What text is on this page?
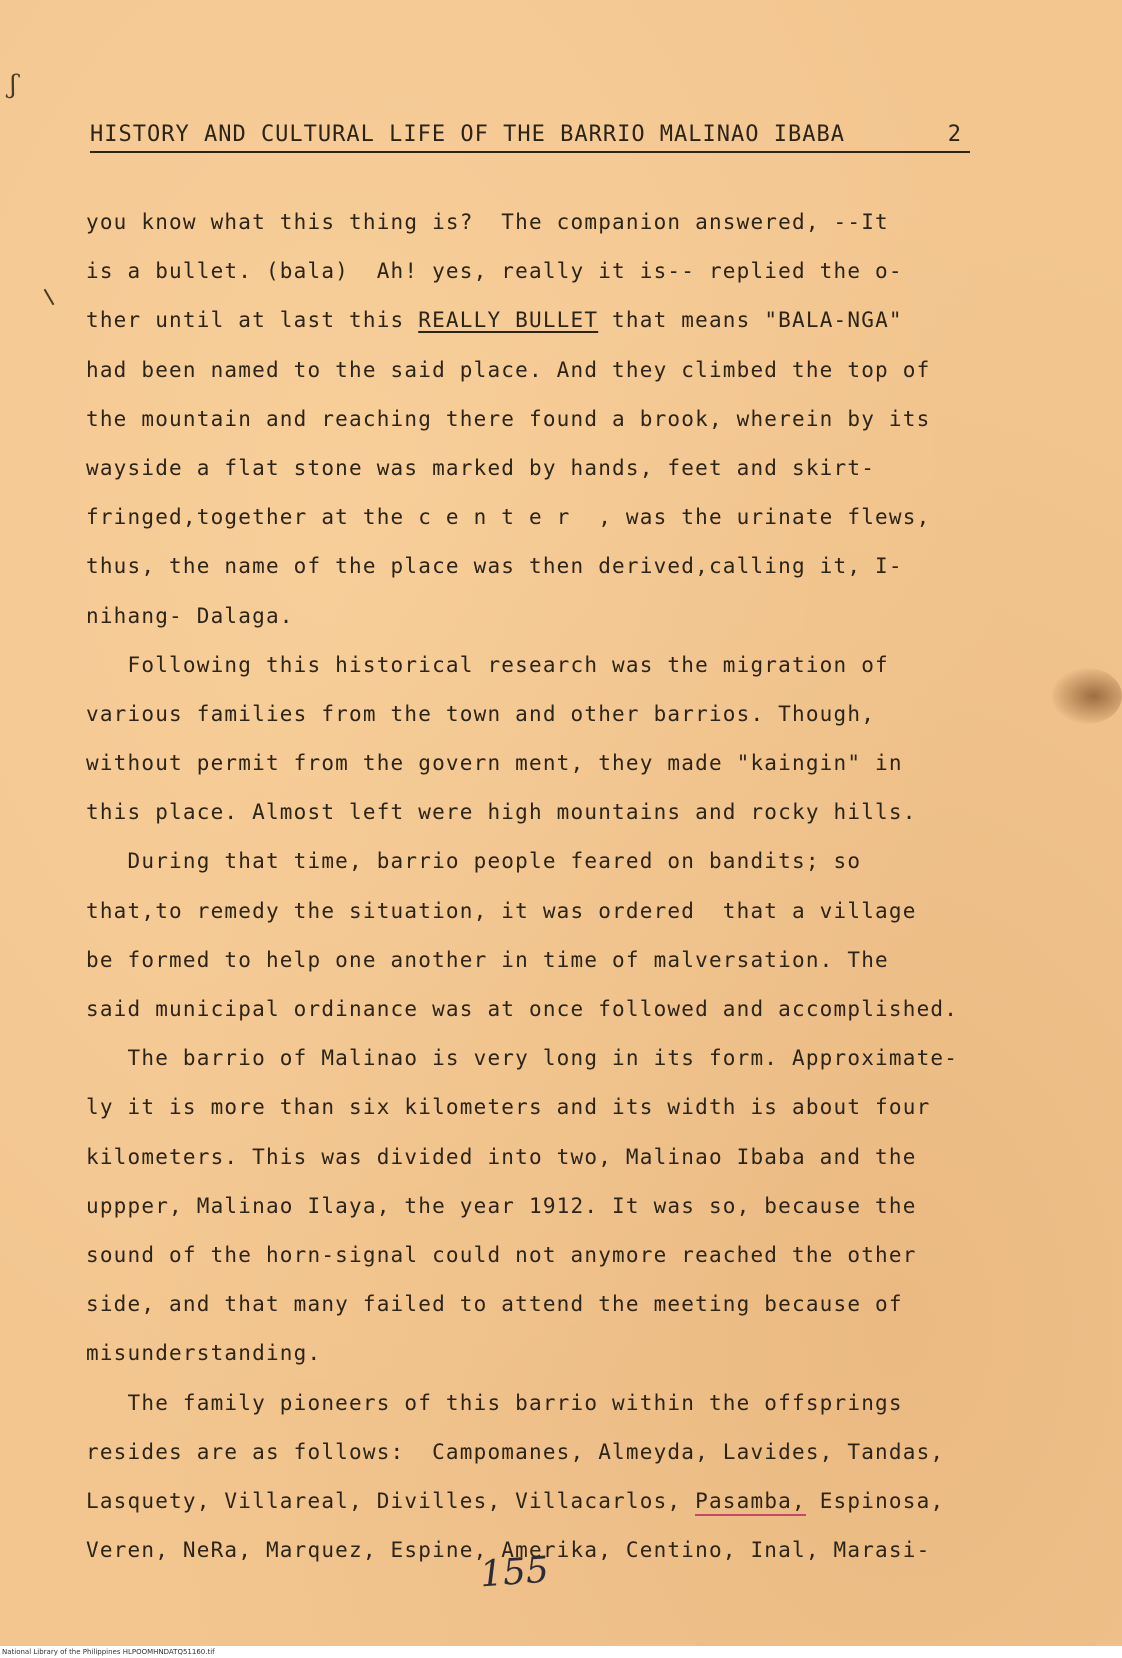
ʃ
HISTORY AND CULTURAL LIFE OF THE BARRIO MALINAO IBABA	2
you know what this thing is?  The companion answered, --It
is a bullet. (bala)  Ah! yes, really it is-- replied the o-
ther until at last this REALLY BULLET that means "BALA-NGA"
had been named to the said place. And they climbed the top of
the mountain and reaching there found a brook, wherein by its
wayside a flat stone was marked by hands, feet and skirt-
fringed,together at the c e n t e r  , was the urinate flews,
thus, the name of the place was then derived,calling it, I-
nihang- Dalaga.
Following this historical research was the migration of
various families from the town and other barrios. Though,
without permit from the govern ment, they made "kaingin" in
this place. Almost left were high mountains and rocky hills.
During that time, barrio people feared on bandits; so
that,to remedy the situation, it was ordered  that a village
be formed to help one another in time of malversation. The
said municipal ordinance was at once followed and accomplished.
The barrio of Malinao is very long in its form. Approximate-
ly it is more than six kilometers and its width is about four
kilometers. This was divided into two, Malinao Ibaba and the
uppper, Malinao Ilaya, the year 1912. It was so, because the
sound of the horn-signal could not anymore reached the other
side, and that many failed to attend the meeting because of
misunderstanding.
The family pioneers of this barrio within the offsprings
resides are as follows:  Campomanes, Almeyda, Lavides, Tandas,
Lasquety, Villareal, Divilles, Villacarlos, Pasamba, Espinosa,
Veren, NeRa, Marquez, Espine, Amerika, Centino, Inal, Marasi-
155
National Library of the Philippines HLPOOMHNDATQ51160.tif
